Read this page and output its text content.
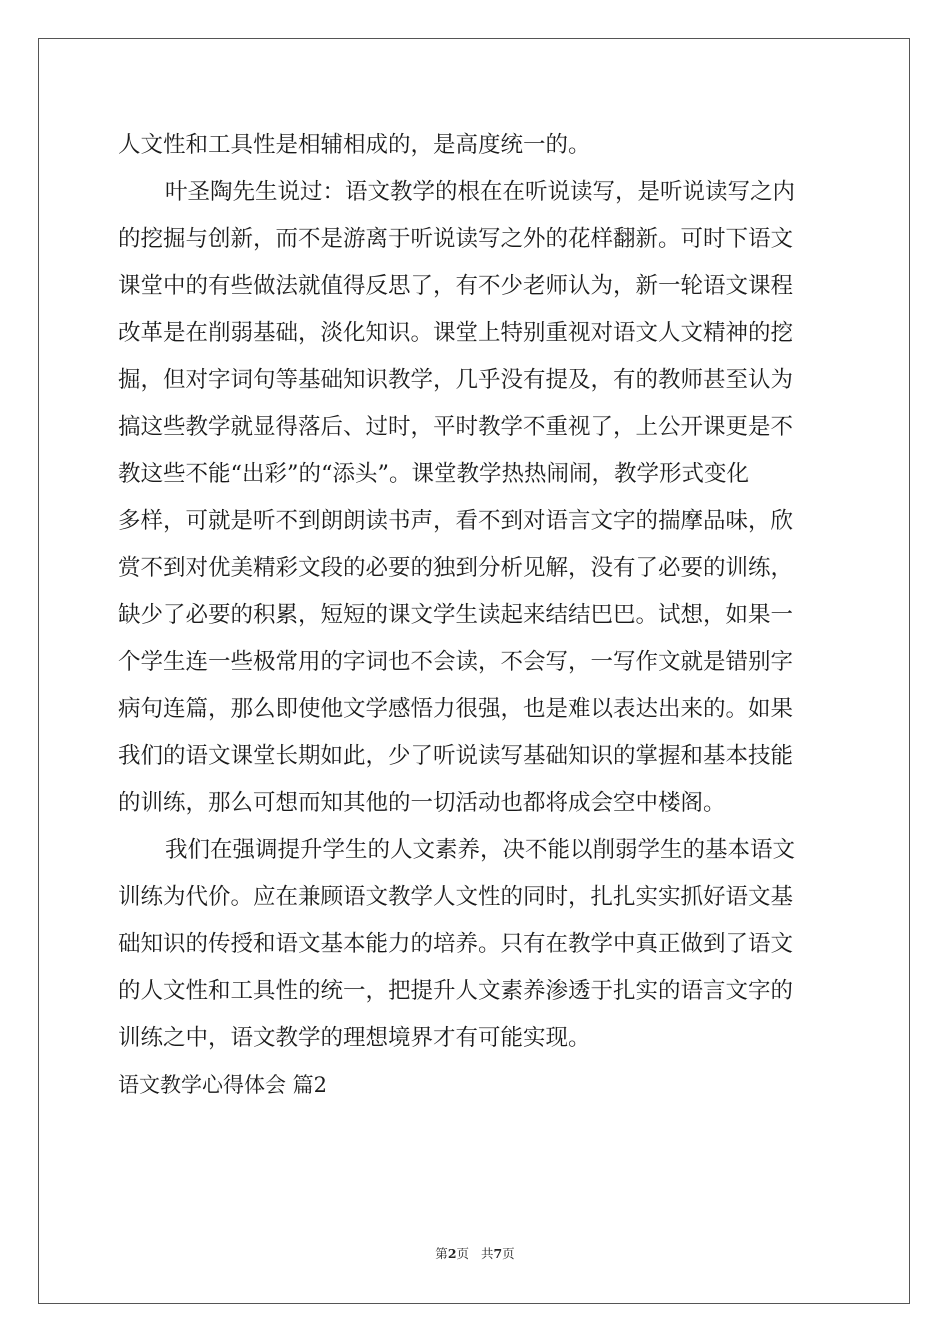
人文性和工具性是相辅相成的，是高度统一的。
叶圣陶先生说过：语文教学的根在在听说读写，是听说读写之内
的挖掘与创新，而不是游离于听说读写之外的花样翻新。可时下语文
课堂中的有些做法就值得反思了，有不少老师认为，新一轮语文课程
改革是在削弱基础，淡化知识。课堂上特别重视对语文人文精神的挖
掘，但对字词句等基础知识教学，几乎没有提及，有的教师甚至认为
搞这些教学就显得落后、过时，平时教学不重视了，上公开课更是不
教这些不能“出彩”的“添头”。课堂教学热热闹闹，教学形式变化
多样，可就是听不到朗朗读书声，看不到对语言文字的揣摩品味，欣
赏不到对优美精彩文段的必要的独到分析见解，没有了必要的训练，
缺少了必要的积累，短短的课文学生读起来结结巴巴。试想，如果一
个学生连一些极常用的字词也不会读，不会写，一写作文就是错别字
病句连篇，那么即使他文学感悟力很强，也是难以表达出来的。如果
我们的语文课堂长期如此，少了听说读写基础知识的掌握和基本技能
的训练，那么可想而知其他的一切活动也都将成会空中楼阁。
我们在强调提升学生的人文素养，决不能以削弱学生的基本语文
训练为代价。应在兼顾语文教学人文性的同时，扎扎实实抓好语文基
础知识的传授和语文基本能力的培养。只有在教学中真正做到了语文
的人文性和工具性的统一，把提升人文素养渗透于扎实的语言文字的
训练之中，语文教学的理想境界才有可能实现。
语文教学心得体会 篇2
第2页 共7页
